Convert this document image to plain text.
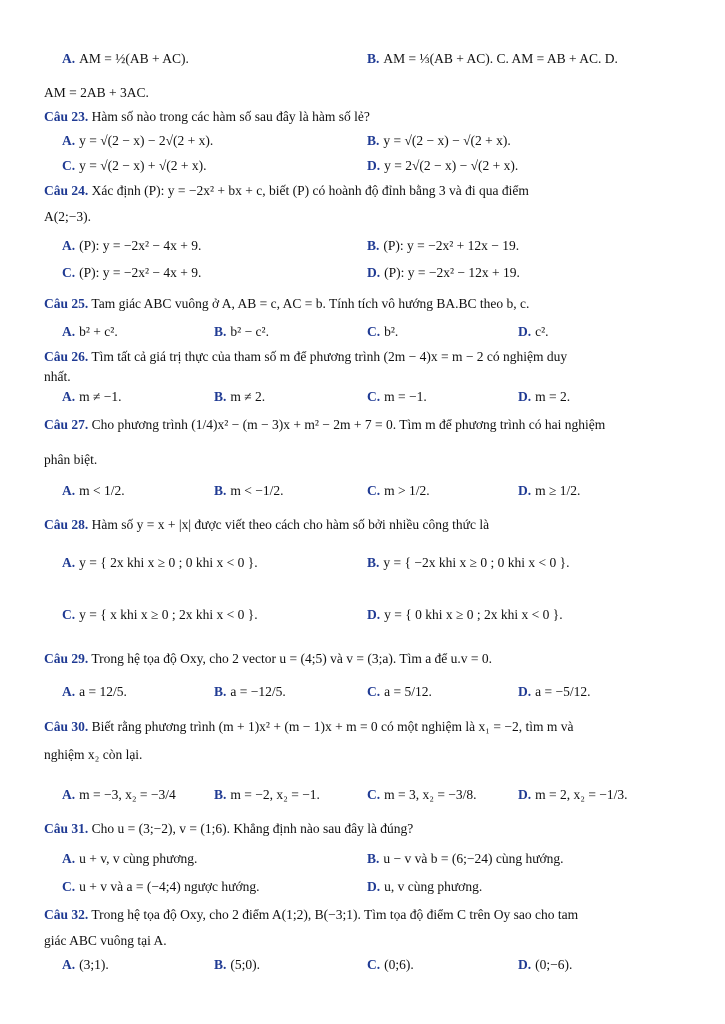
AM = 2AB + 3AC.
Câu 23. Hàm số nào trong các hàm số sau đây là hàm số lẻ?
Câu 24. Xác định (P): y = −2x² + bx + c, biết (P) có hoành độ đỉnh bằng 3 và đi qua điểm
A(2;−3).
Câu 25. Tam giác ABC vuông ở A, AB = c, AC = b. Tính tích vô hướng BA.BC theo b, c.
Câu 26. Tìm tất cả giá trị thực của tham số m để phương trình (2m − 4)x = m − 2 có nghiệm duy
nhất.
Câu 27. Cho phương trình (1/4)x² − (m − 3)x + m² − 2m + 7 = 0. Tìm m để phương trình có hai nghiệm
phân biệt.
Câu 28. Hàm số y = x + |x| được viết theo cách cho hàm số bởi nhiều công thức là
Câu 29. Trong hệ tọa độ Oxy, cho 2 vector u = (4;5) và v = (3;a). Tìm a để u.v = 0.
Câu 30. Biết rằng phương trình (m + 1)x² + (m − 1)x + m = 0 có một nghiệm là x₁ = −2, tìm m và
nghiệm x₂ còn lại.
Câu 31. Cho u = (3;−2), v = (1;6). Khẳng định nào sau đây là đúng?
Câu 32. Trong hệ tọa độ Oxy, cho 2 điểm A(1;2), B(−3;1). Tìm tọa độ điểm C trên Oy sao cho tam
giác ABC vuông tại A.
A. AM = ½(AB + AC).	B. AM = ⅓(AB + AC). C. AM = AB + AC. D.
A. y = √(2 − x) − 2√(2 + x).	B. y = √(2 − x) − √(2 + x).
C. y = √(2 − x) + √(2 + x).	D. y = 2√(2 − x) − √(2 + x).
A. (P): y = −2x² − 4x + 9.	B. (P): y = −2x² + 12x − 19.
C. (P): y = −2x² − 4x + 9.	D. (P): y = −2x² − 12x + 19.
A. b² + c².	B. b² − c².	C. b².	D. c².
A. m ≠ −1.	B. m ≠ 2.	C. m = −1.	D. m = 2.
A. m < 1/2.	B. m < −1/2.	C. m > 1/2.	D. m ≥ 1/2.
A. y = { 2x khi x ≥ 0 ; 0 khi x < 0 }.	B. y = { −2x khi x ≥ 0 ; 0 khi x < 0 }.
C. y = { x khi x ≥ 0 ; 2x khi x < 0 }.	D. y = { 0 khi x ≥ 0 ; 2x khi x < 0 }.
A. a = 12/5.	B. a = −12/5.	C. a = 5/12.	D. a = −5/12.
A. m = −3, x₂ = −3/4	B. m = −2, x₂ = −1.	C. m = 3, x₂ = −3/8.	D. m = 2, x₂ = −1/3.
A. u + v, v cùng phương.	B. u − v và b = (6;−24) cùng hướng.
C. u + v và a = (−4;4) ngược hướng.	D. u, v cùng phương.
A. (3;1).	B. (5;0).	C. (0;6).	D. (0;−6).
